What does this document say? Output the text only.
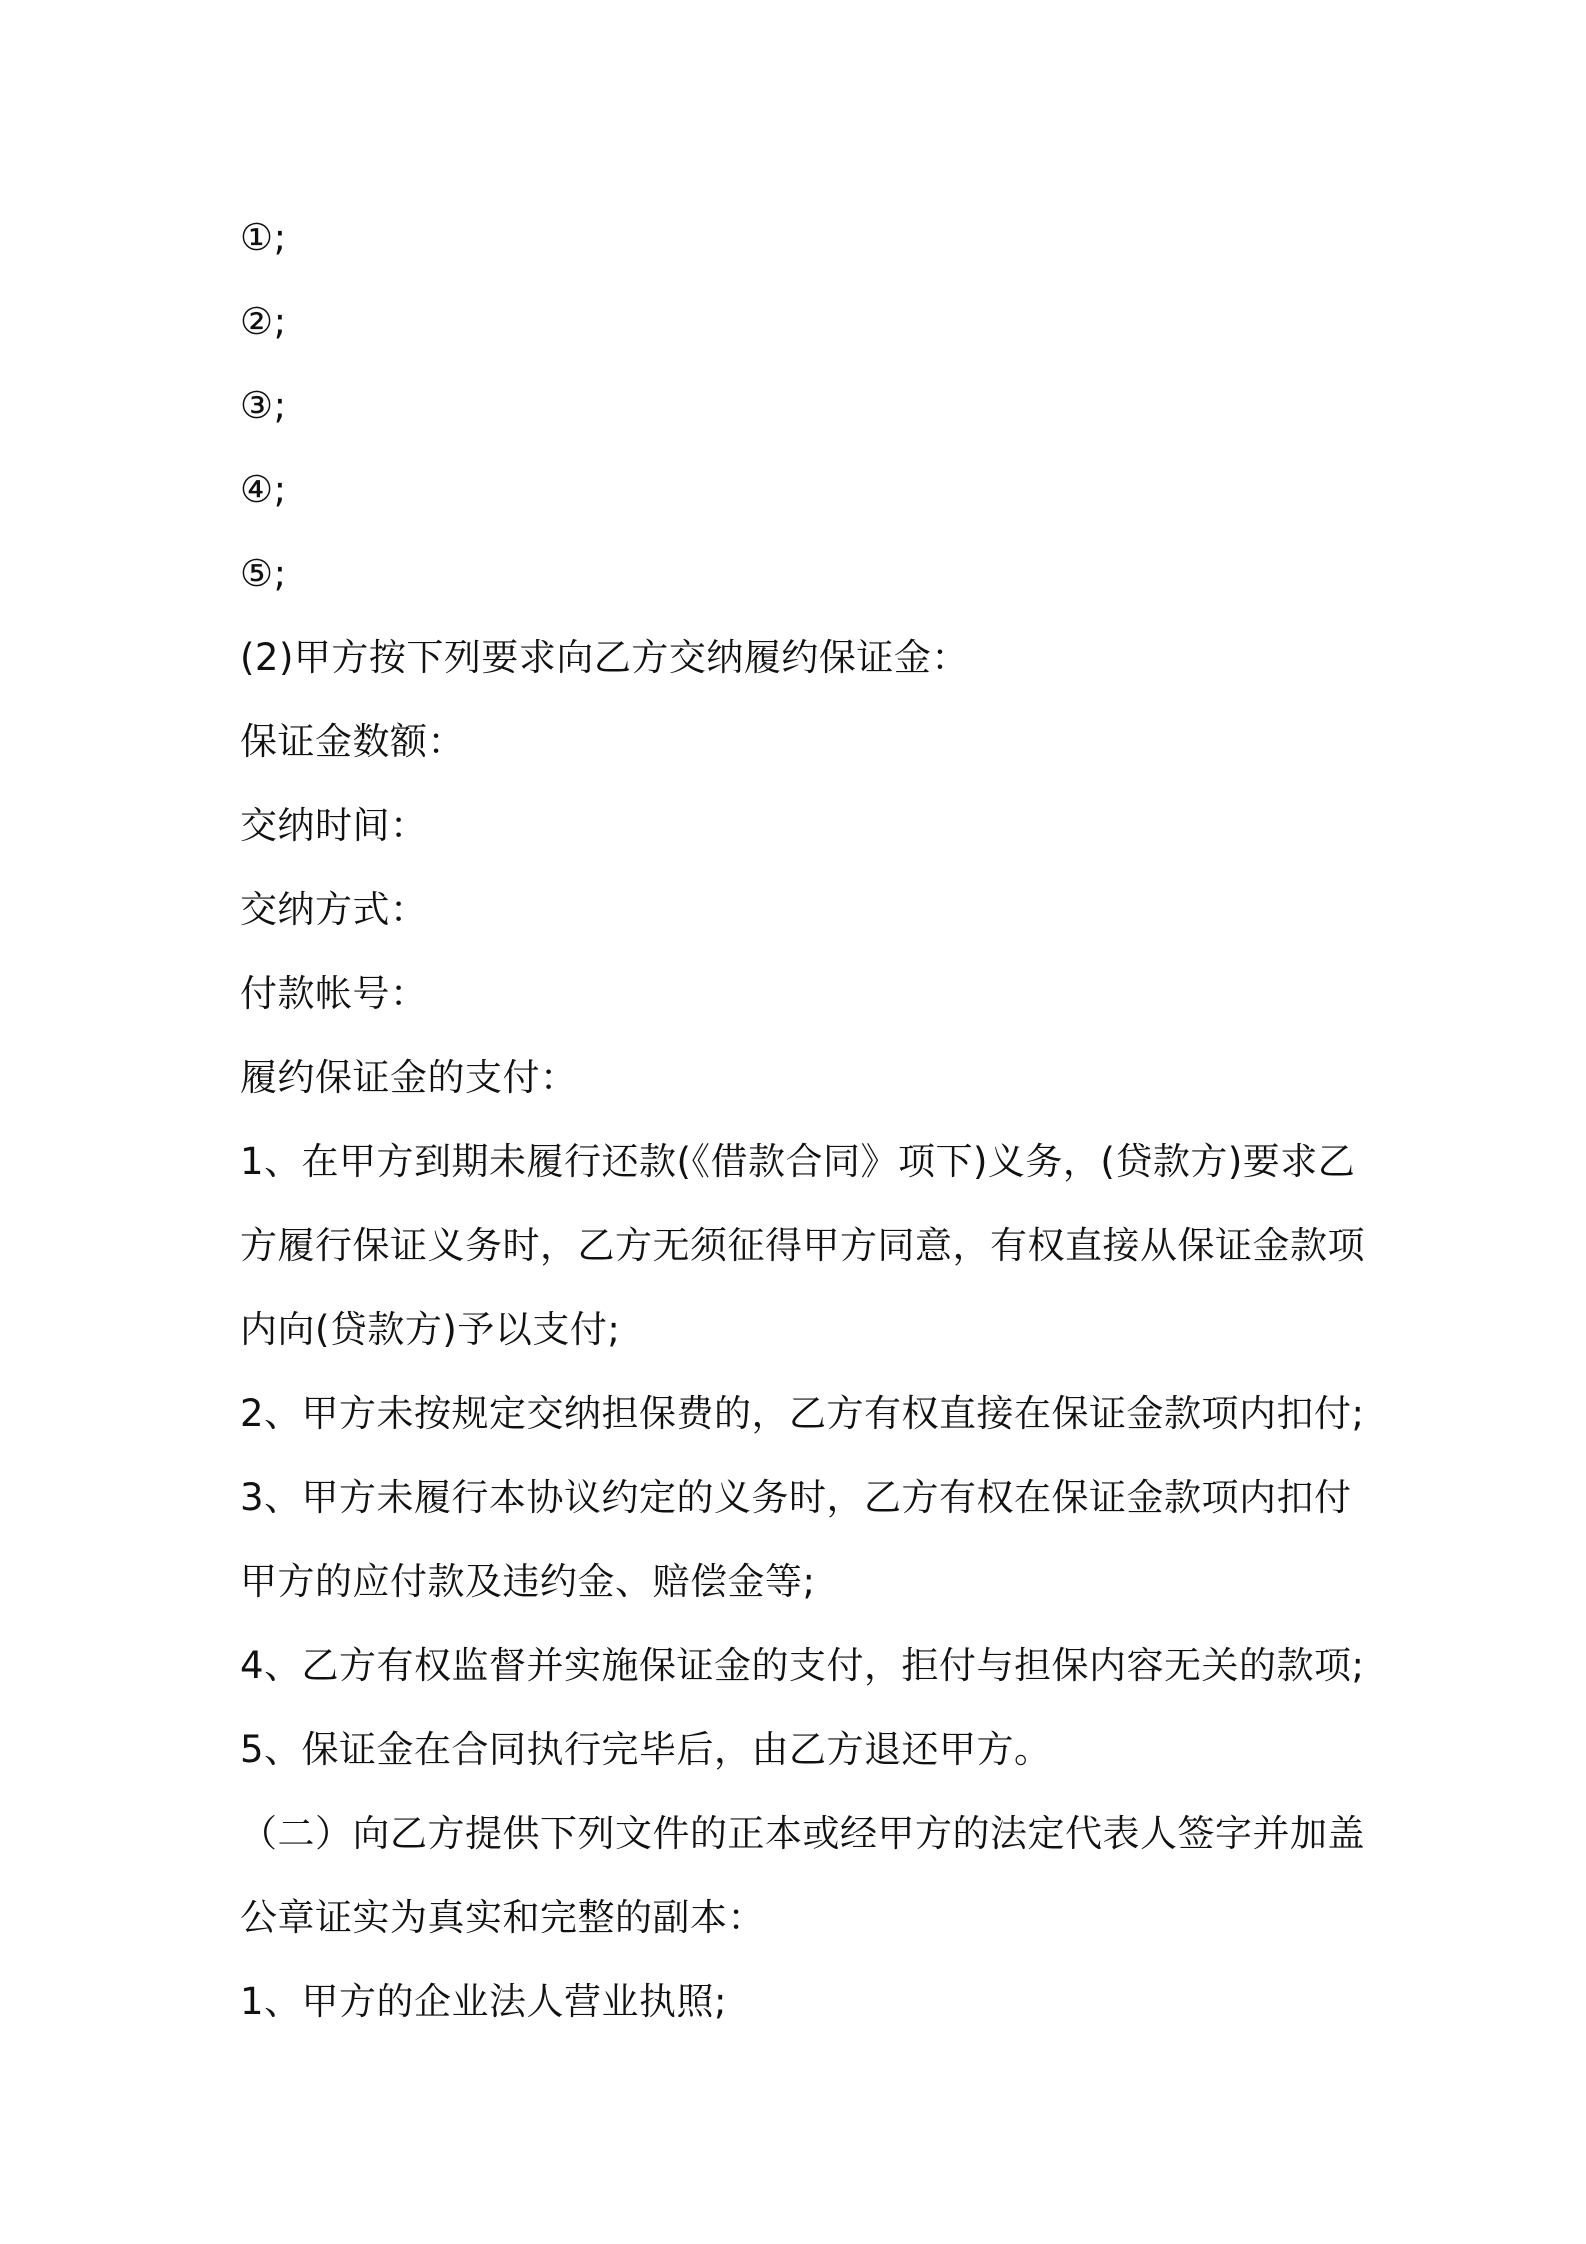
①;
②;
③;
④;
⑤;
(2)甲方按下列要求向乙方交纳履约保证金：
保证金数额：
交纳时间：
交纳方式：
付款帐号：
履约保证金的支付：
1、在甲方到期未履行还款(《借款合同》项下)义务，(贷款方)要求乙
方履行保证义务时，乙方无须征得甲方同意，有权直接从保证金款项
内向(贷款方)予以支付;
2、甲方未按规定交纳担保费的，乙方有权直接在保证金款项内扣付;
3、甲方未履行本协议约定的义务时，乙方有权在保证金款项内扣付
甲方的应付款及违约金、赔偿金等;
4、乙方有权监督并实施保证金的支付，拒付与担保内容无关的款项;
5、保证金在合同执行完毕后，由乙方退还甲方。
（二）向乙方提供下列文件的正本或经甲方的法定代表人签字并加盖
公章证实为真实和完整的副本：
1、甲方的企业法人营业执照;
